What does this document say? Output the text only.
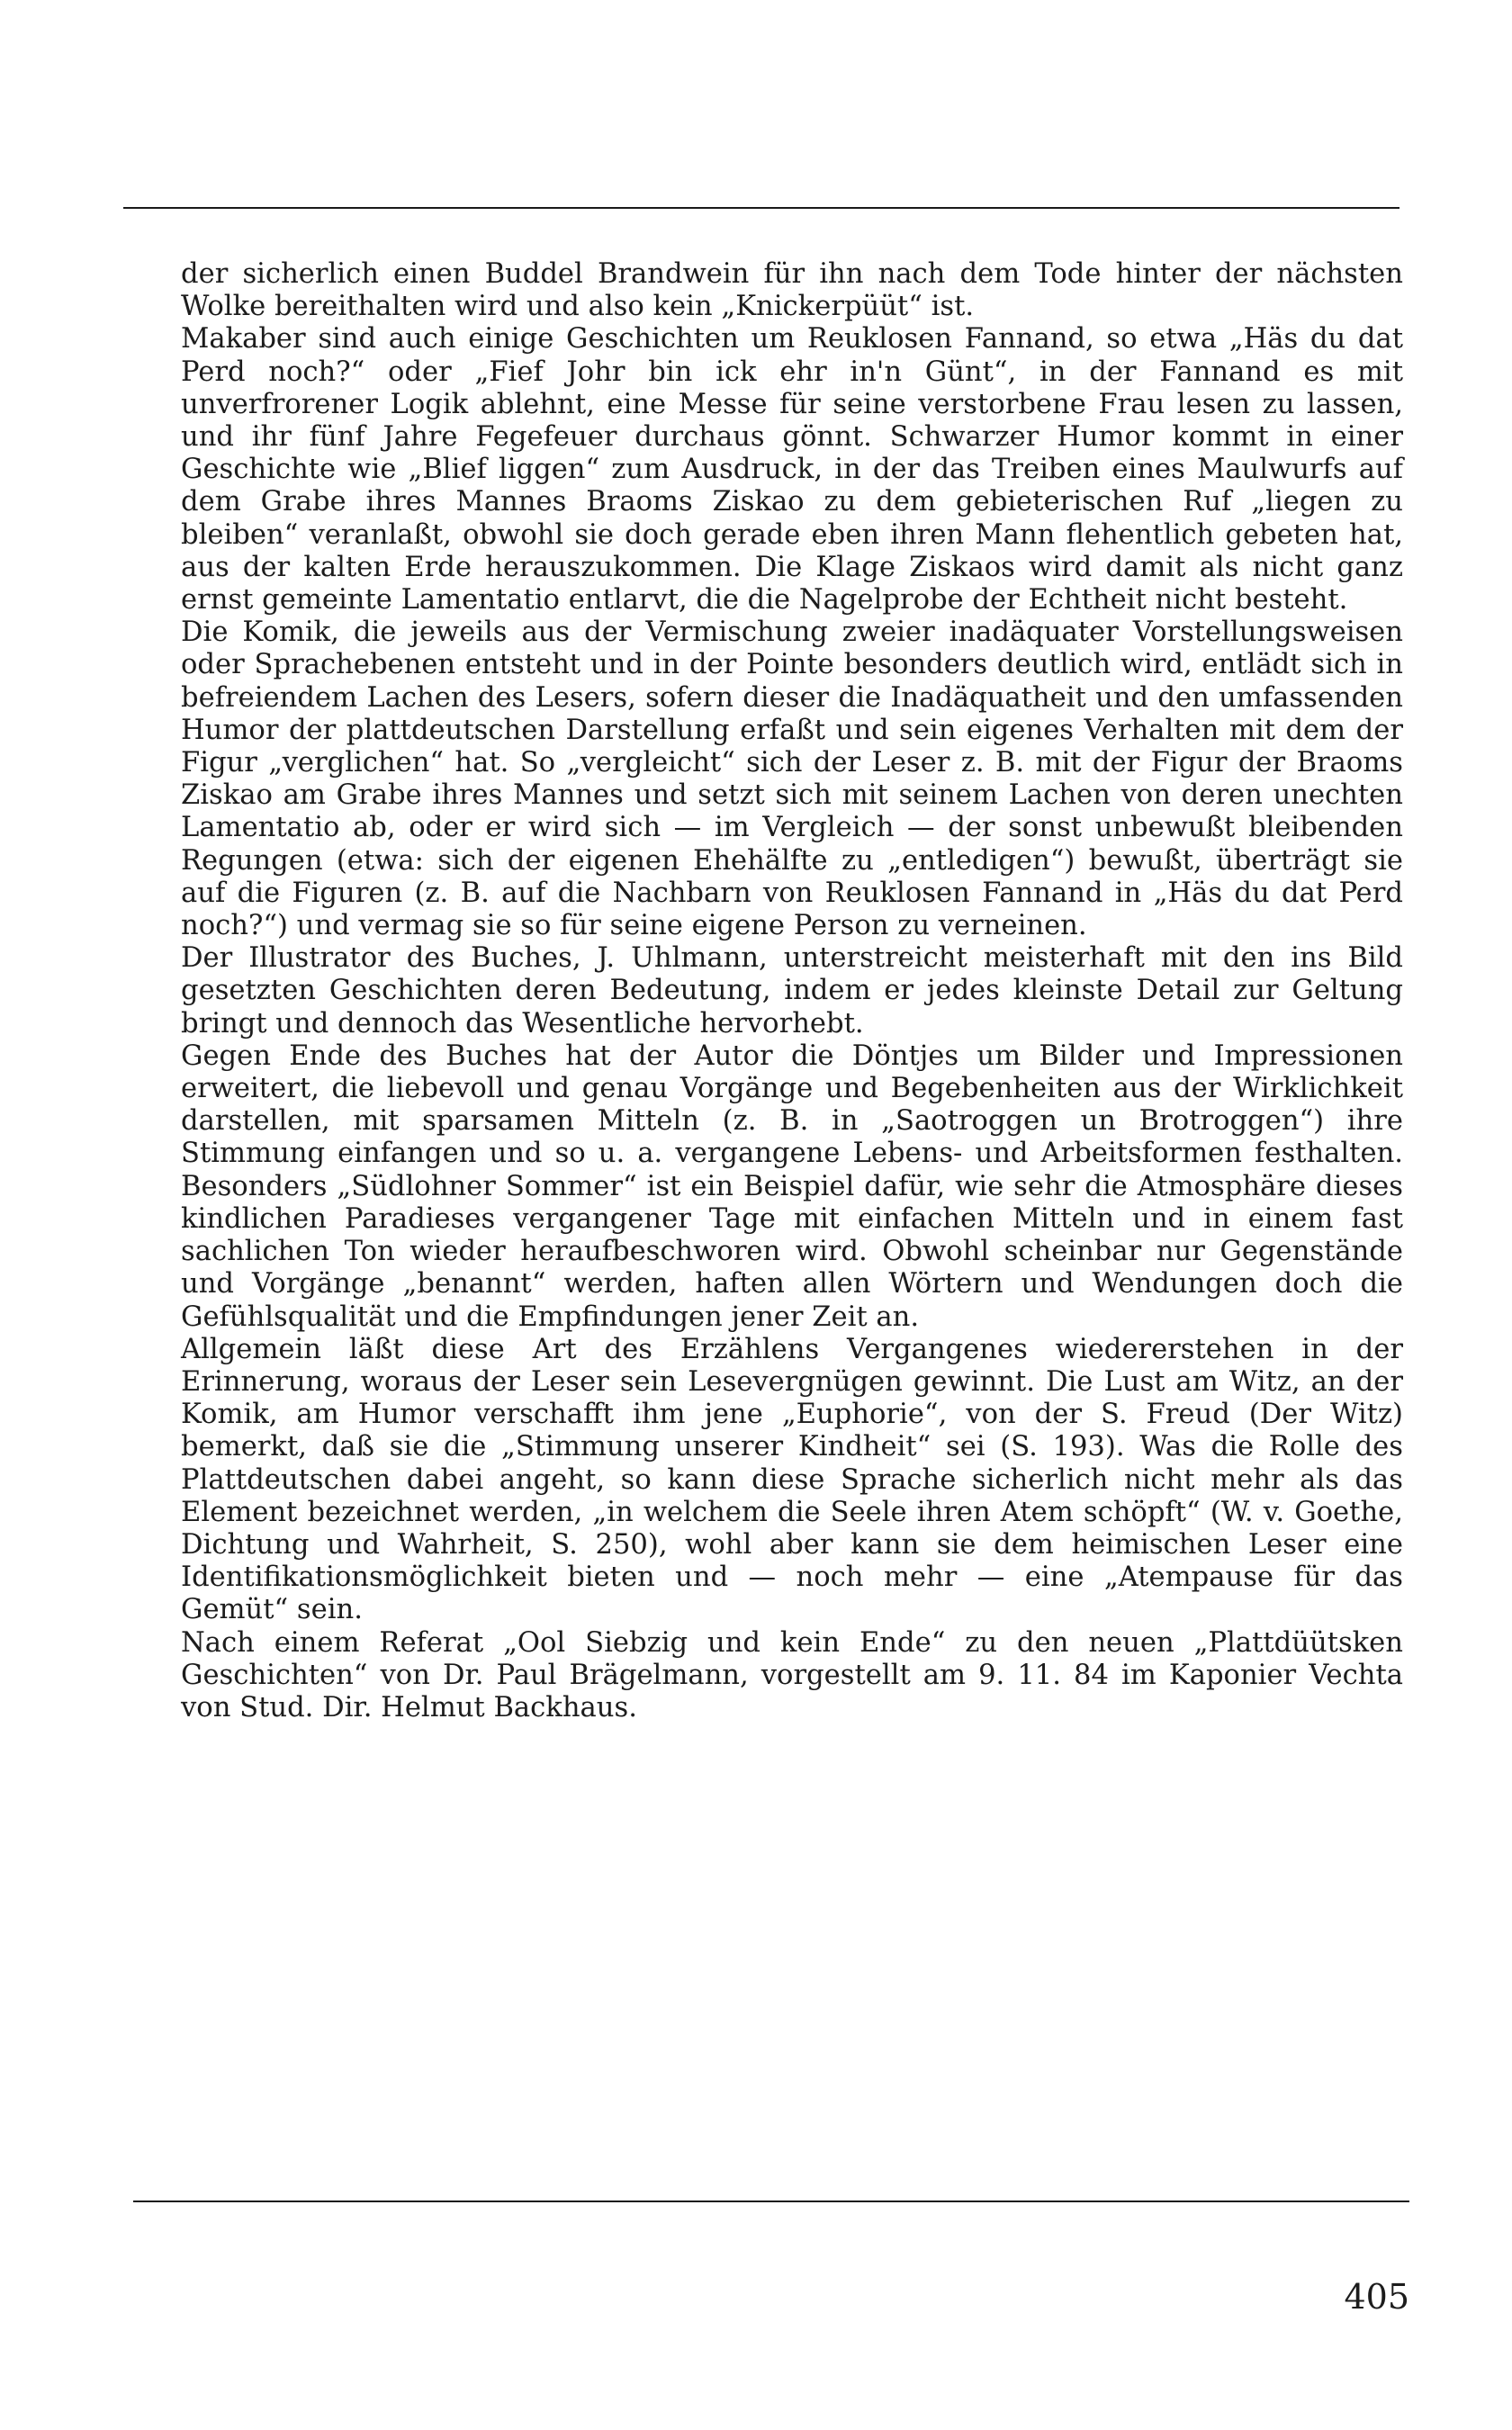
der sicherlich einen Buddel Brandwein für ihn nach dem Tode hinter der nächsten Wolke bereithalten wird und also kein „Knickerpüüt“ ist.

Makaber sind auch einige Geschichten um Reuklosen Fannand, so etwa „Häs du dat Perd noch?“ oder „Fief Johr bin ick ehr in'n Günt“, in der Fannand es mit unverfrorener Logik ablehnt, eine Messe für seine verstorbene Frau lesen zu lassen, und ihr fünf Jahre Fegefeuer durchaus gönnt. Schwarzer Humor kommt in einer Geschichte wie „Blief liggen“ zum Ausdruck, in der das Treiben eines Maulwurfs auf dem Grabe ihres Mannes Braoms Ziskao zu dem gebieterischen Ruf „liegen zu bleiben“ veranlaßt, obwohl sie doch gerade eben ihren Mann flehentlich gebeten hat, aus der kalten Erde herauszukommen. Die Klage Ziskaos wird damit als nicht ganz ernst gemeinte Lamentatio entlarvt, die die Nagelprobe der Echtheit nicht besteht.

Die Komik, die jeweils aus der Vermischung zweier inadäquater Vorstellungsweisen oder Sprachebenen entsteht und in der Pointe besonders deutlich wird, entlädt sich in befreiendem Lachen des Lesers, sofern dieser die Inadäquatheit und den umfassenden Humor der plattdeutschen Darstellung erfaßt und sein eigenes Verhalten mit dem der Figur „verglichen“ hat. So „vergleicht“ sich der Leser z. B. mit der Figur der Braoms Ziskao am Grabe ihres Mannes und setzt sich mit seinem Lachen von deren unechten Lamentatio ab, oder er wird sich — im Vergleich — der sonst unbewußt bleibenden Regungen (etwa: sich der eigenen Ehehälfte zu „entledigen“) bewußt, überträgt sie auf die Figuren (z. B. auf die Nachbarn von Reuklosen Fannand in „Häs du dat Perd noch?“) und vermag sie so für seine eigene Person zu verneinen.

Der Illustrator des Buches, J. Uhlmann, unterstreicht meisterhaft mit den ins Bild gesetzten Geschichten deren Bedeutung, indem er jedes kleinste Detail zur Geltung bringt und dennoch das Wesentliche hervorhebt.

Gegen Ende des Buches hat der Autor die Döntjes um Bilder und Impressionen erweitert, die liebevoll und genau Vorgänge und Begebenheiten aus der Wirklichkeit darstellen, mit sparsamen Mitteln (z. B. in „Saotroggen un Brotroggen“) ihre Stimmung einfangen und so u. a. vergangene Lebens- und Arbeitsformen festhalten. Besonders „Südlohner Sommer“ ist ein Beispiel dafür, wie sehr die Atmosphäre dieses kindlichen Paradieses vergangener Tage mit einfachen Mitteln und in einem fast sachlichen Ton wieder heraufbeschworen wird. Obwohl scheinbar nur Gegenstände und Vorgänge „benannt“ werden, haften allen Wörtern und Wendungen doch die Gefühlsqualität und die Empfindungen jener Zeit an.

Allgemein läßt diese Art des Erzählens Vergangenes wiedererstehen in der Erinnerung, woraus der Leser sein Lesevergnügen gewinnt. Die Lust am Witz, an der Komik, am Humor verschafft ihm jene „Euphorie“, von der S. Freud (Der Witz) bemerkt, daß sie die „Stimmung unserer Kindheit“ sei (S. 193). Was die Rolle des Plattdeutschen dabei angeht, so kann diese Sprache sicherlich nicht mehr als das Element bezeichnet werden, „in welchem die Seele ihren Atem schöpft“ (W. v. Goethe, Dichtung und Wahrheit, S. 250), wohl aber kann sie dem heimischen Leser eine Identifikationsmöglichkeit bieten und — noch mehr — eine „Atempause für das Gemüt“ sein.

Nach einem Referat „Ool Siebzig und kein Ende“ zu den neuen „Plattdüütsken Geschichten“ von Dr. Paul Brägelmann, vorgestellt am 9. 11. 84 im Kaponier Vechta von Stud. Dir. Helmut Backhaus.

405
